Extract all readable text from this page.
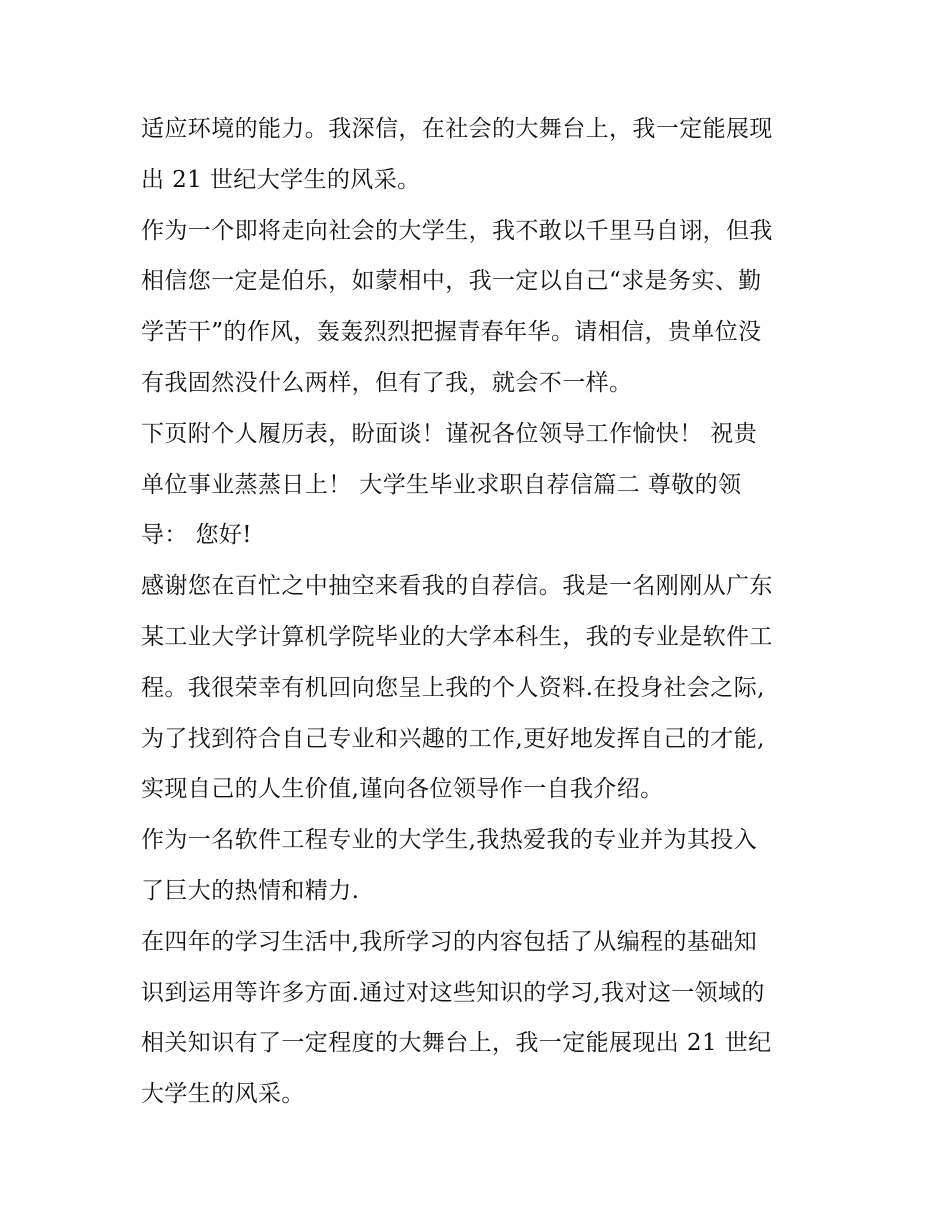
适应环境的能力。我深信，在社会的大舞台上，我一定能展现
出 21 世纪大学生的风采。
作为一个即将走向社会的大学生，我不敢以千里马自诩，但我
相信您一定是伯乐，如蒙相中，我一定以自己“求是务实、勤
学苦干”的作风，轰轰烈烈把握青春年华。请相信，贵单位没
有我固然没什么两样，但有了我，就会不一样。
下页附个人履历表，盼面谈！谨祝各位领导工作愉快！ 祝贵
单位事业蒸蒸日上！ 大学生毕业求职自荐信篇二 尊敬的领
导： 您好!
感谢您在百忙之中抽空来看我的自荐信。我是一名刚刚从广东
某工业大学计算机学院毕业的大学本科生，我的专业是软件工
程。我很荣幸有机回向您呈上我的个人资料.在投身社会之际,
为了找到符合自己专业和兴趣的工作,更好地发挥自己的才能,
实现自己的人生价值,谨向各位领导作一自我介绍。
作为一名软件工程专业的大学生,我热爱我的专业并为其投入
了巨大的热情和精力.
在四年的学习生活中,我所学习的内容包括了从编程的基础知
识到运用等许多方面.通过对这些知识的学习,我对这一领域的
相关知识有了一定程度的大舞台上，我一定能展现出 21 世纪
大学生的风采。
